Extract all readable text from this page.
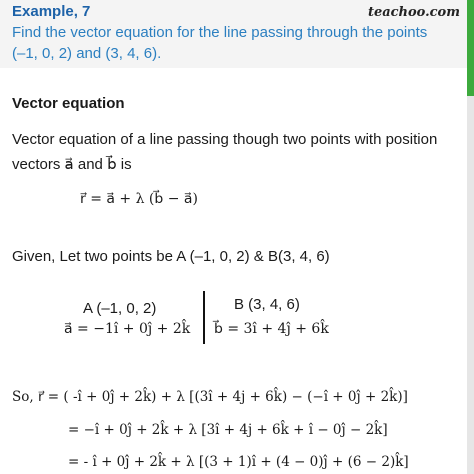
Example, 7	teachoo.com
Find the vector equation for the line passing through the points
(–1, 0, 2) and (3, 4, 6).
Vector equation
Vector equation of a line passing though two points with position
vectors a⃗ and b⃗ is
r⃗ = a⃗ + λ (b⃗ − a⃗)
Given, Let two points be A (–1, 0, 2) & B(3, 4, 6)
A (–1, 0, 2)
a⃗ = −1î + 0ĵ + 2k̂
B (3, 4, 6)
b⃗ = 3î + 4ĵ + 6k̂
So, r⃗ = ( -î + 0ĵ + 2k̂) + λ [(3î + 4j + 6k̂) − (−î + 0ĵ + 2k̂)]
= −î + 0ĵ + 2k̂ + λ [3î + 4j + 6k̂ + î − 0ĵ − 2k̂]
= - î + 0ĵ + 2k̂ + λ [(3 + 1)î + (4 − 0)ĵ + (6 − 2)k̂]
